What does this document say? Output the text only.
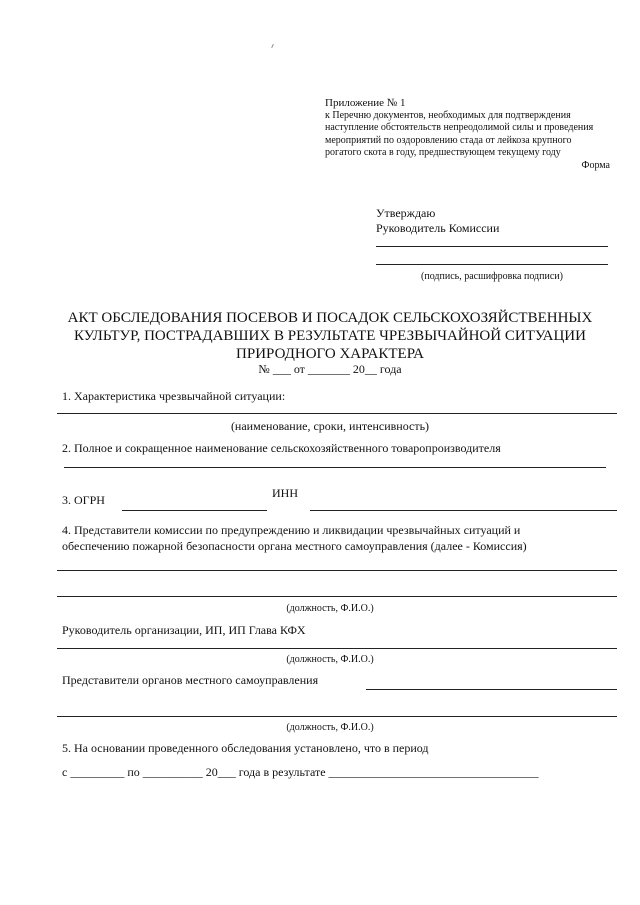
Приложение № 1
к Перечню документов, необходимых для подтверждения
наступление обстоятельств непреодолимой силы и проведения
мероприятий по оздоровлению стада от лейкоза крупного
рогатого скота в году, предшествующем текущему году
Форма
Утверждаю
Руководитель Комиссии
(подпись, расшифровка подписи)
АКТ ОБСЛЕДОВАНИЯ ПОСЕВОВ И ПОСАДОК СЕЛЬСКОХОЗЯЙСТВЕННЫХ
КУЛЬТУР, ПОСТРАДАВШИХ В РЕЗУЛЬТАТЕ ЧРЕЗВЫЧАЙНОЙ СИТУАЦИИ
ПРИРОДНОГО ХАРАКТЕРА
№ ___ от _______ 20__ года
1. Характеристика чрезвычайной ситуации:
(наименование, сроки, интенсивность)
2. Полное и сокращенное наименование сельскохозяйственного товаропроизводителя
3. ОГРН	ИНН
4. Представители комиссии по предупреждению и ликвидации чрезвычайных ситуаций и
обеспечению пожарной безопасности органа местного самоуправления (далее - Комиссия)
(должность, Ф.И.О.)
Руководитель организации, ИП, ИП Глава КФХ
(должность, Ф.И.О.)
Представители органов местного самоуправления
(должность, Ф.И.О.)
5. На основании проведенного обследования установлено, что в период
с _________ по __________ 20___ года в результате ___________________________________
